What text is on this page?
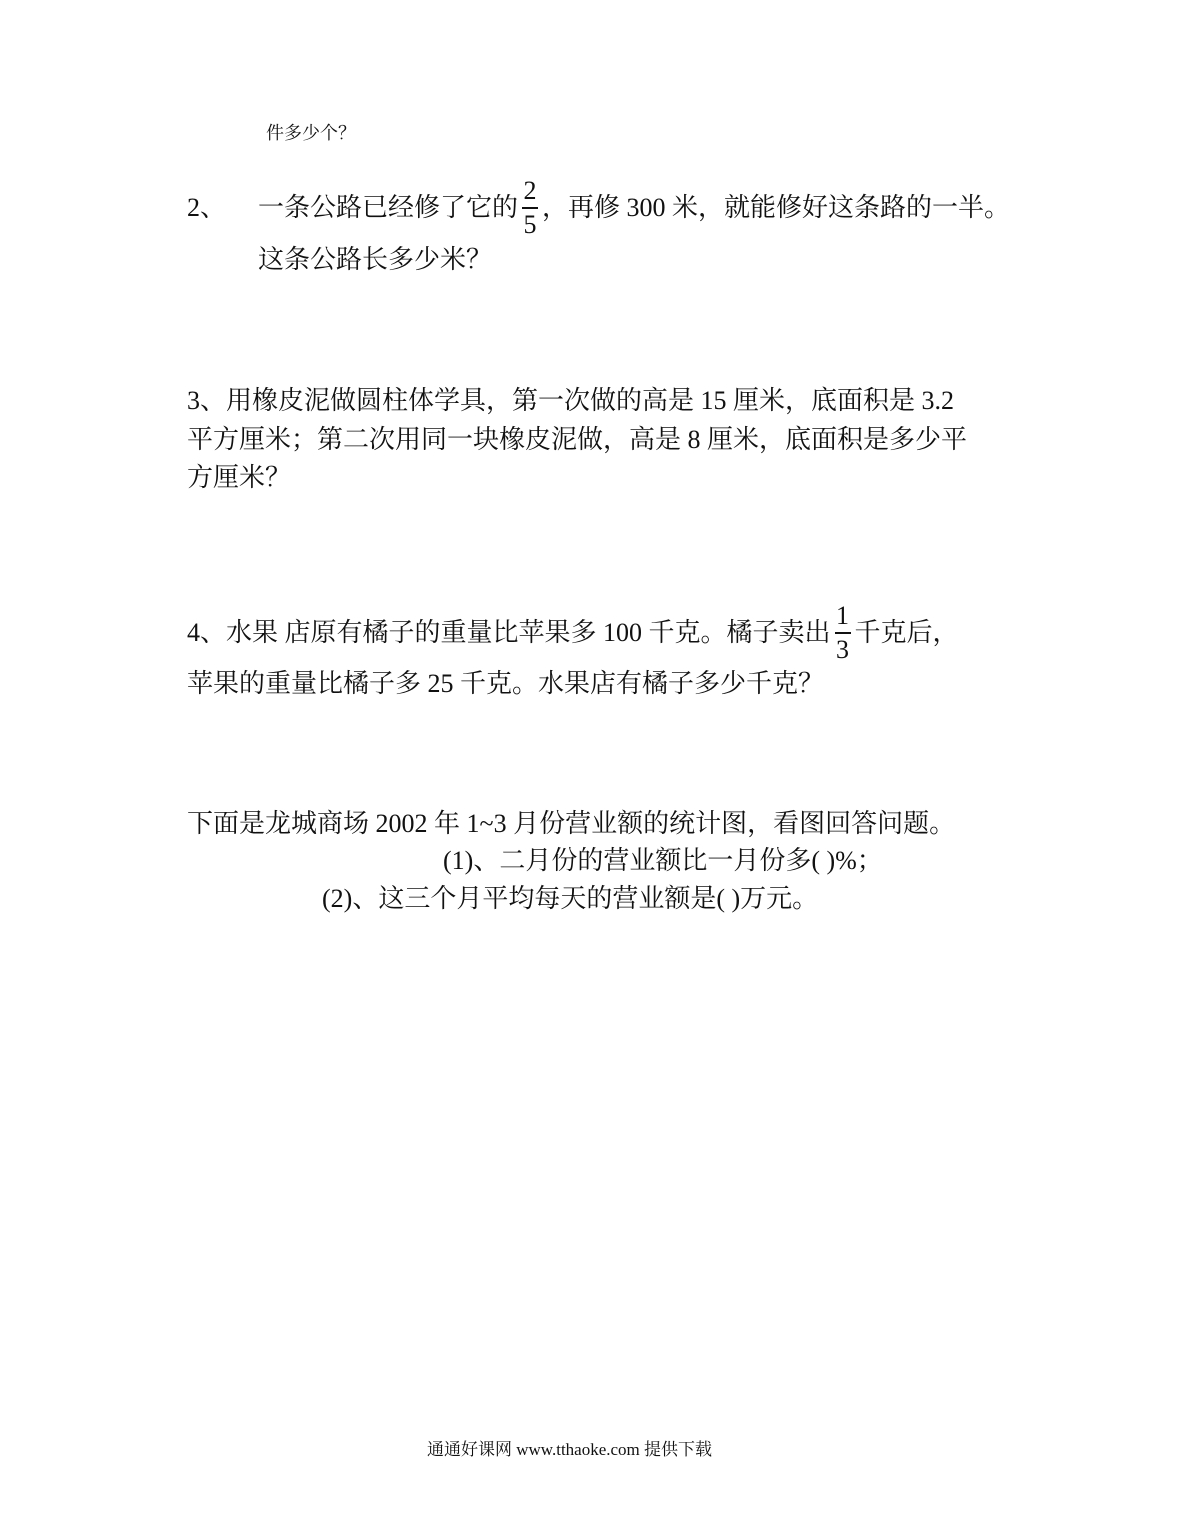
件多少个？
2、 一条公路已经修了它的 $\frac{2}{5}$ ，再修 300 米，就能修好这条路的一半。
这条公路长多少米？
3、用橡皮泥做圆柱体学具，第一次做的高是 15 厘米，底面积是 3.2
平方厘米；第二次用同一块橡皮泥做，高是 8 厘米，底面积是多少平
方厘米？
4、水果 店原有橘子的重量比苹果多 100 千克。橘子卖出 $\frac{1}{3}$ 千克后，
苹果的重量比橘子多 25 千克。水果店有橘子多少千克？
下面是龙城商场 2002 年 1~3 月份营业额的统计图，看图回答问题。
(1)、二月份的营业额比一月份多( )%；
(2)、这三个月平均每天的营业额是( )万元。
通通好课网 www.tthaoke.com 提供下载
